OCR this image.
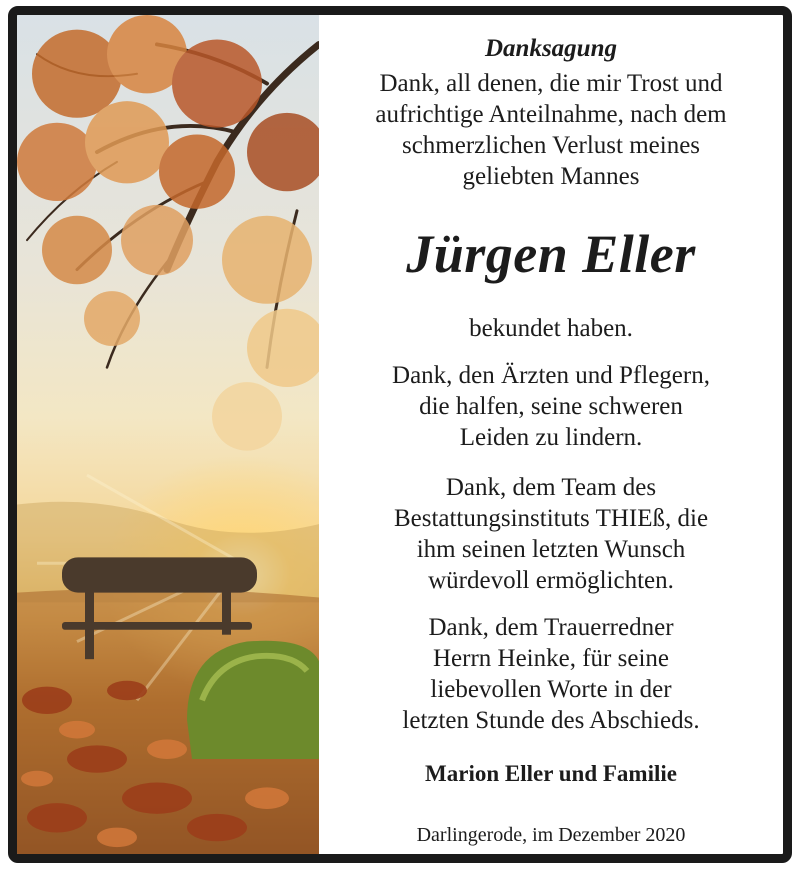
Danksagung
Dank, all denen, die mir Trost und
aufrichtige Anteilnahme, nach dem
schmerzlichen Verlust meines
geliebten Mannes
Jürgen Eller
bekundet haben.
Dank, den Ärzten und Pflegern,
die halfen, seine schweren
Leiden zu lindern.
Dank, dem Team des
Bestattungsinstituts THIEß, die
ihm seinen letzten Wunsch
würdevoll ermöglichten.
Dank, dem Trauerredner
Herrn Heinke, für seine
liebevollen Worte in der
letzten Stunde des Abschieds.
Marion Eller und Familie
Darlingerode, im Dezember 2020
